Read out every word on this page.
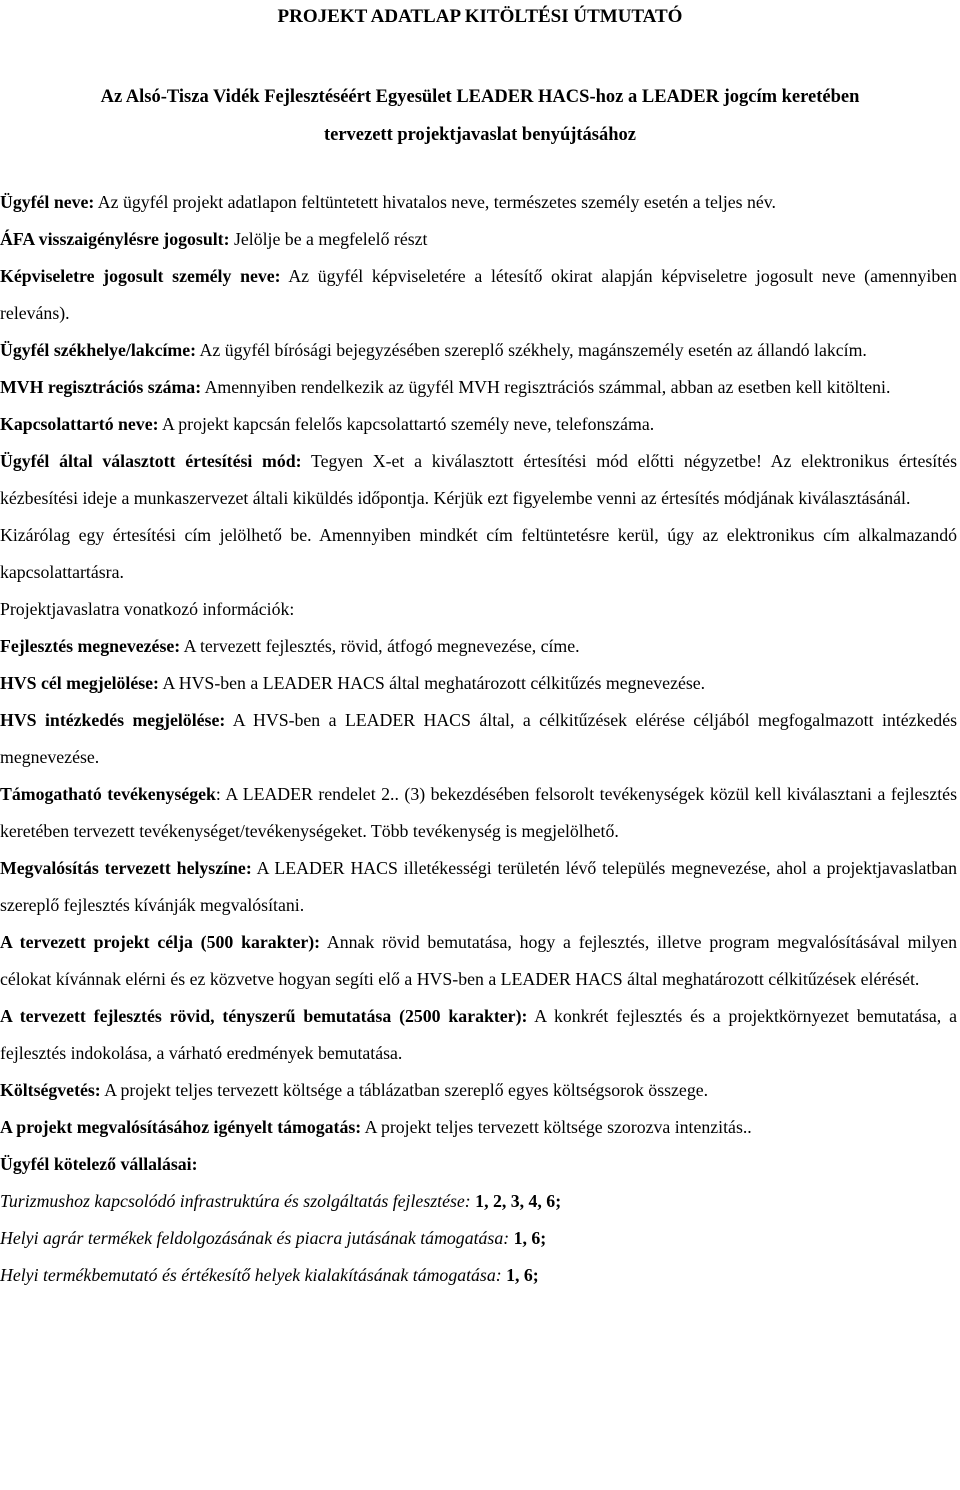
PROJEKT ADATLAP KITÖLTÉSI ÚTMUTATÓ
Az Alsó-Tisza Vidék Fejlesztéséért Egyesület LEADER HACS-hoz a LEADER jogcím keretében
tervezett projektjavaslat benyújtásához

Ügyfél neve: Az ügyfél projekt adatlapon feltüntetett hivatalos neve, természetes személy esetén a teljes név.

ÁFA visszaigénylésre jogosult: Jelölje be a megfelelő részt

Képviseletre jogosult személy neve: Az ügyfél képviseletére a létesítő okirat alapján képviseletre jogosult neve (amennyiben releváns).

Ügyfél székhelye/lakcíme: Az ügyfél bírósági bejegyzésében szereplő székhely, magánszemély esetén az állandó lakcím.

MVH regisztrációs száma: Amennyiben rendelkezik az ügyfél MVH regisztrációs számmal, abban az esetben kell kitölteni.

Kapcsolattartó neve: A projekt kapcsán felelős kapcsolattartó személy neve, telefonszáma.

Ügyfél által választott értesítési mód: Tegyen X-et a kiválasztott értesítési mód előtti négyzetbe! Az elektronikus értesítés kézbesítési ideje a munkaszervezet általi kiküldés időpontja. Kérjük ezt figyelembe venni az értesítés módjának kiválasztásánál.

Kizárólag egy értesítési cím jelölhető be. Amennyiben mindkét cím feltüntetésre kerül, úgy az elektronikus cím alkalmazandó kapcsolattartásra.

Projektjavaslatra vonatkozó információk:

Fejlesztés megnevezése: A tervezett fejlesztés, rövid, átfogó megnevezése, címe.

HVS cél megjelölése: A HVS-ben a LEADER HACS által meghatározott célkitűzés megnevezése.

HVS intézkedés megjelölése: A HVS-ben a LEADER HACS által, a célkitűzések elérése céljából megfogalmazott intézkedés megnevezése.

Támogatható tevékenységek: A LEADER rendelet 2.. (3) bekezdésében felsorolt tevékenységek közül kell kiválasztani a fejlesztés keretében tervezett tevékenységet/tevékenységeket. Több tevékenység is megjelölhető.

Megvalósítás tervezett helyszíne: A LEADER HACS illetékességi területén lévő település megnevezése, ahol a projektjavaslatban szereplő fejlesztés kívánják megvalósítani.

A tervezett projekt célja (500 karakter): Annak rövid bemutatása, hogy a fejlesztés, illetve program megvalósításával milyen célokat kívánnak elérni és ez közvetve hogyan segíti elő a HVS-ben a LEADER HACS által meghatározott célkitűzések elérését.

A tervezett fejlesztés rövid, tényszerű bemutatása (2500 karakter): A konkrét fejlesztés és a projektkörnyezet bemutatása, a fejlesztés indokolása, a várható eredmények bemutatása.

Költségvetés: A projekt teljes tervezett költsége a táblázatban szereplő egyes költségsorok összege.

A projekt megvalósításához igényelt támogatás: A projekt teljes tervezett költsége szorozva intenzitás..

Ügyfél kötelező vállalásai:

Turizmushoz kapcsolódó infrastruktúra és szolgáltatás fejlesztése: 1, 2, 3, 4, 6;

Helyi agrár termékek feldolgozásának és piacra jutásának támogatása: 1, 6;

Helyi termékbemutató és értékesítő helyek kialakításának támogatása: 1, 6;
